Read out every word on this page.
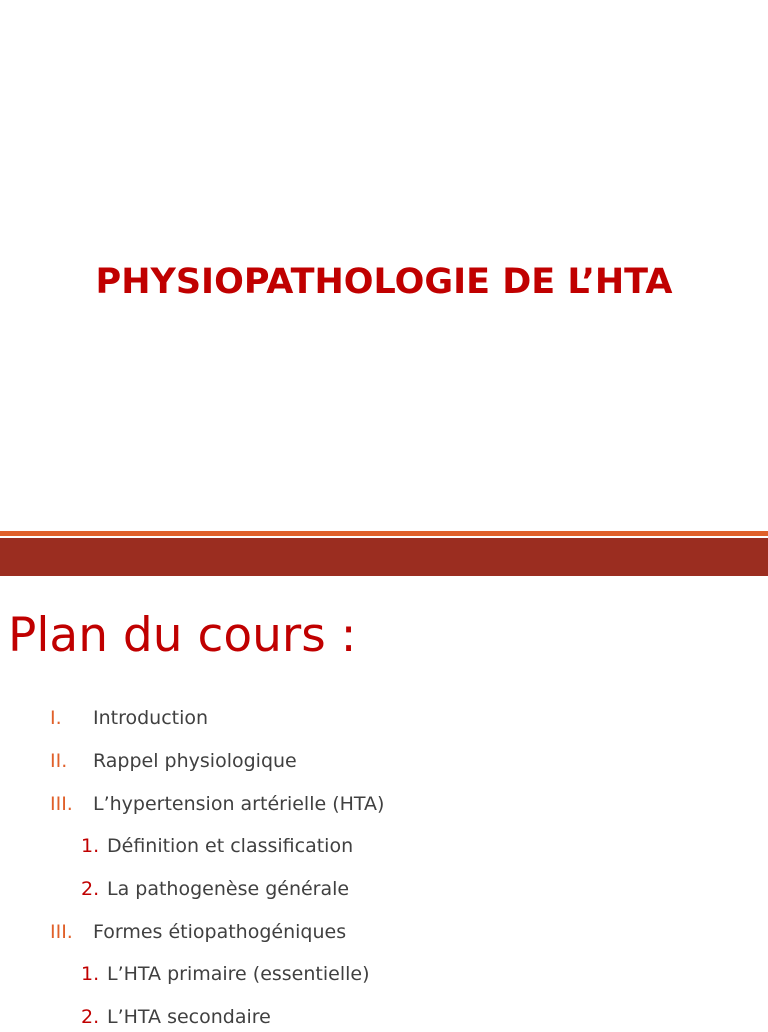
PHYSIOPATHOLOGIE DE L’HTA
Plan du cours :
I. Introduction
II. Rappel physiologique
III. L’hypertension artérielle (HTA)
1. Définition et classification
2. La pathogenèse générale
III. Formes étiopathogéniques
1. L’HTA primaire (essentielle)
2. L’HTA secondaire
